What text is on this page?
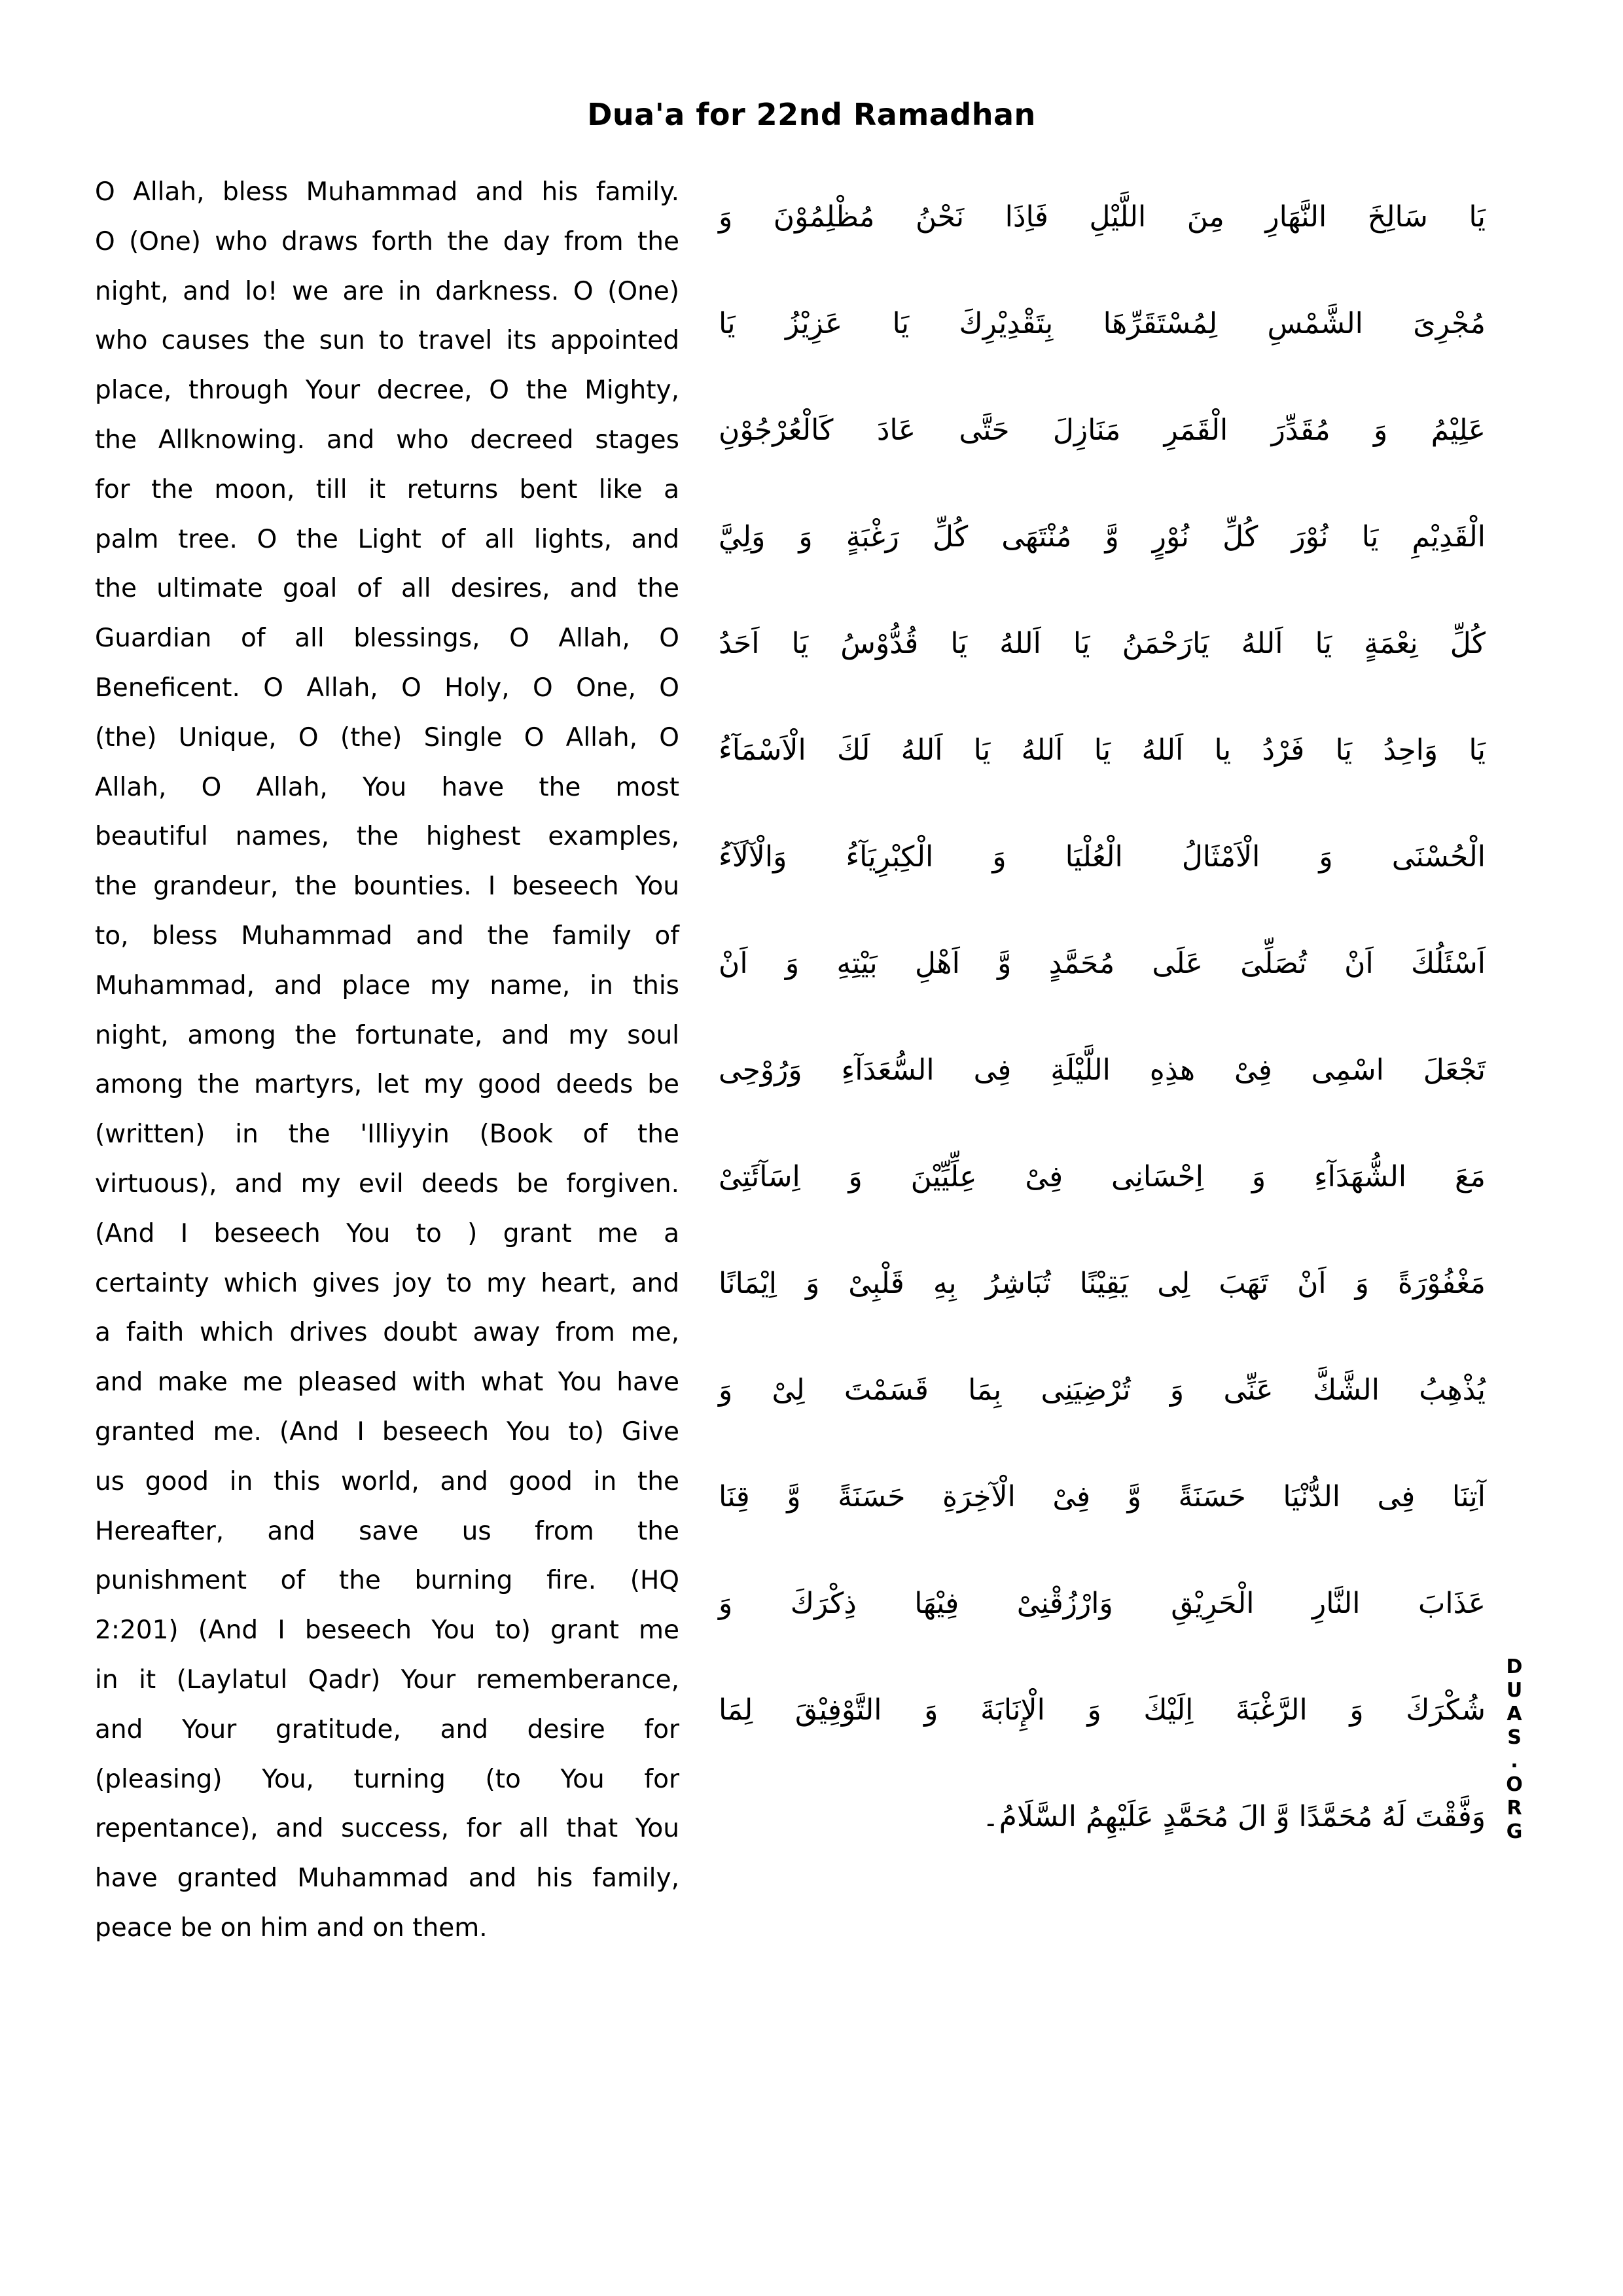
Dua'a for 22nd Ramadhan
O Allah, bless Muhammad and his family.
O (One) who draws forth the day from the
night, and lo! we are in darkness. O (One)
who causes the sun to travel its appointed
place, through Your decree, O the Mighty,
the Allknowing. and who decreed stages
for the moon, till it returns bent like a
palm tree. O the Light of all lights, and
the ultimate goal of all desires, and the
Guardian of all blessings, O Allah, O
Beneficent. O Allah, O Holy, O One, O
(the) Unique, O (the) Single O Allah, O
Allah, O Allah, You have the most
beautiful names, the highest examples,
the grandeur, the bounties. I beseech You
to, bless Muhammad and the family of
Muhammad, and place my name, in this
night, among the fortunate, and my soul
among the martyrs, let my good deeds be
(written) in the 'Illiyyin (Book of the
virtuous), and my evil deeds be forgiven.
(And I beseech You to ) grant me a
certainty which gives joy to my heart, and
a faith which drives doubt away from me,
and make me pleased with what You have
granted me. (And I beseech You to) Give
us good in this world, and good in the
Hereafter, and save us from the
punishment of the burning fire. (HQ
2:201) (And I beseech You to) grant me
in it (Laylatul Qadr) Your rememberance,
and Your gratitude, and desire for
(pleasing) You, turning (to You for
repentance), and success, for all that You
have granted Muhammad and his family,
peace be on him and on them.
يَا سَالِخَ النَّهَارِ مِنَ اللَّيْلِ فَاِذَا نَحْنُ مُظْلِمُوْنَ وَ
مُجْرِىَ الشَّمْسِ لِمُسْتَقَرِّهَا بِتَقْدِيْرِكَ يَا عَزِيْزُ يَا
عَلِيْمُ وَ مُقَدِّرَ الْقَمَرِ مَنَازِلَ حَتَّى عَادَ كَالْعُرْجُوْنِ
الْقَدِيْمِ يَا نُوْرَ كُلِّ نُوْرٍ وَّ مُنْتَهَى كُلِّ رَغْبَةٍ وَ وَلِيَّ
كُلِّ نِعْمَةٍ يَا اَللهُ يَارَحْمَنُ يَا اَللهُ يَا قُدُّوْسُ يَا اَحَدُ
يَا وَاحِدُ يَا فَرْدُ يا اَللهُ يَا اَللهُ يَا اَللهُ لَكَ الْاَسْمَآءُ
الْحُسْنَى وَ الْاَمْثَالُ الْعُلْيَا وَ الْكِبْرِيَآءُ وَالْآلَآءُ
اَسْئَلُكَ اَنْ تُصَلِّىَ عَلَى مُحَمَّدٍ وَّ اَهْلِ بَيْتِهِ وَ اَنْ
تَجْعَلَ اسْمِى فِىْ هذِهِ اللَّيْلَةِ فِى السُّعَدَآءِ وَرُوْحِى
مَعَ الشُّهَدَآءِ وَ اِحْسَانِى فِىْ عِلِّيِّيْنَ وَ اِسَآئَتِىْ
مَغْفُوْرَةً وَ اَنْ تَهَبَ لِى يَقِيْنًا تُبَاشِرُ بِهِ قَلْبِىْ وَ اِيْمَانًا
يُذْهِبُ الشَّكَّ عَنِّى وَ تُرْضِيَنِى بِمَا قَسَمْتَ لِىْ وَ
آتِنَا فِى الدُّنْيَا حَسَنَةً وَّ فِىْ الْآخِرَةِ حَسَنَةً وَّ قِنَا
عَذَابَ النَّارِ الْحَرِيْقِ وَارْزُقْنِىْ فِيْهَا ذِكْرَكَ وَ
شُكْرَكَ وَ الرَّغْبَةَ اِلَيْكَ وَ الْإِنَابَةَ وَ التَّوْفِيْقَ لِمَا
وَفَّقْتَ لَهُ مُحَمَّدًا وَّ الَ مُحَمَّدٍ عَلَيْهِمُ السَّلَامُ۔
D
U
A
S
.
O
R
G
